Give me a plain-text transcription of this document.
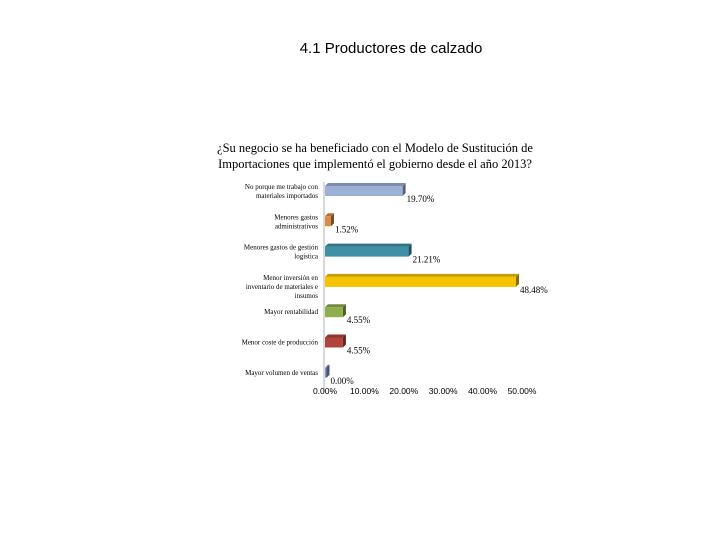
4.1 Productores de calzado
¿Su negocio se ha beneficiado con el Modelo de Sustitución de Importaciones que implementó el gobierno desde el año 2013?
19.70%
No porque me trabajo con materiales importados
1.52%
Menores gastos administrativos
21.21%
Menores gastos de gestión logística
48.48%
Menor inversión en inventario de materiales e insumos
4.55%
Mayor rentabilidad
4.55%
Menor coste de producción
0.00%
Mayor volumen de ventas
0.00% 10.00% 20.00% 30.00% 40.00% 50.00%
